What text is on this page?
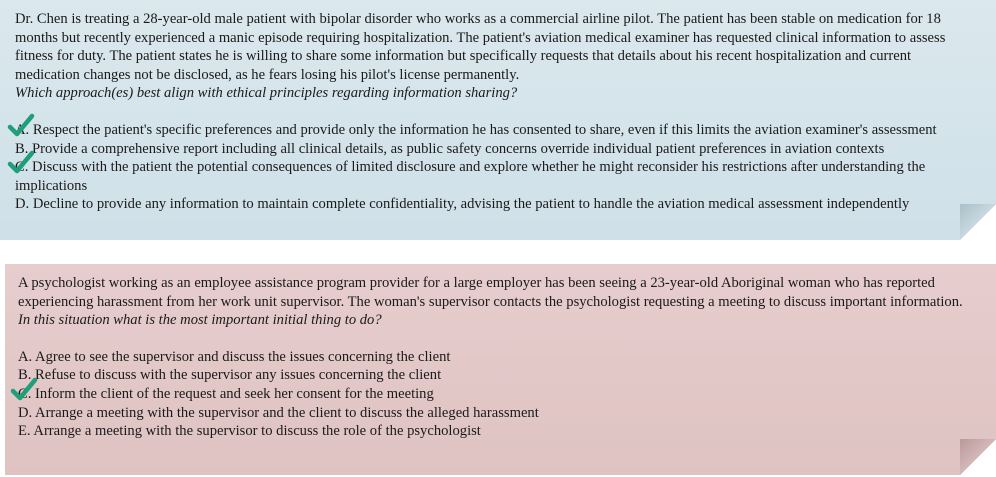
Dr. Chen is treating a 28-year-old male patient with bipolar disorder who works as a commercial airline pilot. The patient has been stable on medication for 18 months but recently experienced a manic episode requiring hospitalization. The patient's aviation medical examiner has requested clinical information to assess fitness for duty. The patient states he is willing to share some information but specifically requests that details about his recent hospitalization and current medication changes not be disclosed, as he fears losing his pilot's license permanently.

Which approach(es) best align with ethical principles regarding information sharing?

A. Respect the patient's specific preferences and provide only the information he has consented to share, even if this limits the aviation examiner's assessment
B. Provide a comprehensive report including all clinical details, as public safety concerns override individual patient preferences in aviation contexts
C. Discuss with the patient the potential consequences of limited disclosure and explore whether he might reconsider his restrictions after understanding the implications
D. Decline to provide any information to maintain complete confidentiality, advising the patient to handle the aviation medical assessment independently

A psychologist working as an employee assistance program provider for a large employer has been seeing a 23-year-old Aboriginal woman who has reported experiencing harassment from her work unit supervisor. The woman's supervisor contacts the psychologist requesting a meeting to discuss important information.

In this situation what is the most important initial thing to do?

A. Agree to see the supervisor and discuss the issues concerning the client
B. Refuse to discuss with the supervisor any issues concerning the client
C. Inform the client of the request and seek her consent for the meeting
D. Arrange a meeting with the supervisor and the client to discuss the alleged harassment
E. Arrange a meeting with the supervisor to discuss the role of the psychologist
